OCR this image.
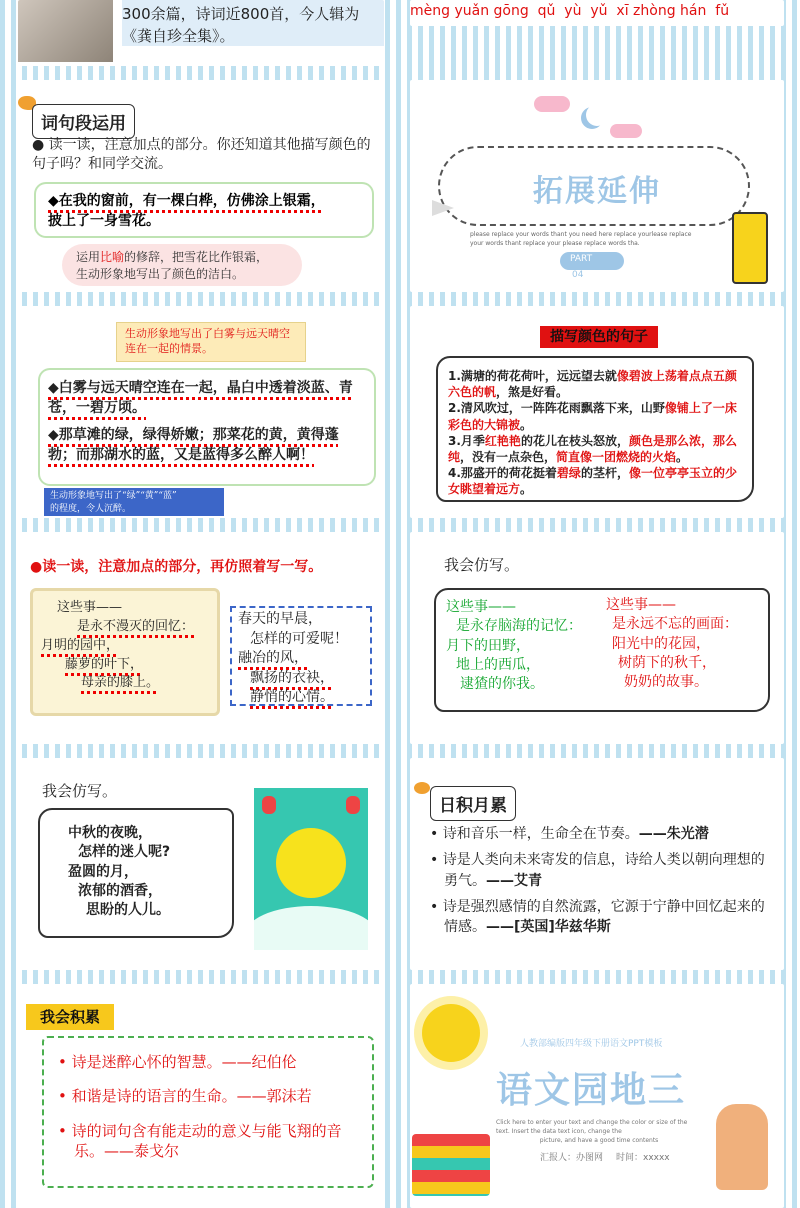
300余篇，诗词近800首，今人辑为
《龚自珍全集》。
mèng yuǎn gōng  qǔ  yù  yǔ  xī zhòng hán  fǔ
词句段运用
● 读一读，注意加点的部分。你还知道其他描写颜色的句子吗？和同学交流。
◆在我的窗前，有一棵白桦，仿佛涂上银霜，
披上了一身雪花。
运用比喻的修辞，把雪花比作银霜，
生动形象地写出了颜色的洁白。
拓展延伸
please replace your words thant you need here replace yourlease replace
your words thant replace your please replace words tha.
PART
04
生动形象地写出了白雾与远天晴空连在一起的情景。
◆白雾与远天晴空连在一起，晶白中透着淡蓝、青苍，一碧万顷。
◆那草滩的绿，绿得娇嫩；那菜花的黄，黄得蓬勃；而那湖水的蓝，又是蓝得多么醉人啊！
生动形象地写出了“绿”“黄”“蓝”
的程度，令人沉醉。
描写颜色的句子
1.满塘的荷花荷叶，远远望去就像碧波上荡着点点五颜六色的帆，煞是好看。
2.清风吹过，一阵阵花雨飘落下来，山野像铺上了一床彩色的大锦被。
3.月季红艳艳的花儿在枝头怒放，颜色是那么浓，那么纯，没有一点杂色，简直像一团燃烧的火焰。
4.那盛开的荷花挺着碧绿的茎杆，像一位亭亭玉立的少女眺望着远方。
●读一读，注意加点的部分，再仿照着写一写。
这些事——
是永不漫灭的回忆：
月明的园中，
藤萝的叶下，
母亲的膝上。
春天的早晨，
怎样的可爱呢！
融冶的风，
飘扬的衣袂，
静悄的心情。
我会仿写。
这些事——
是永存脑海的记忆：
月下的田野，
地上的西瓜，
逮猹的你我。
这些事——
是永远不忘的画面：
阳光中的花园，
树荫下的秋千，
奶奶的故事。
我会仿写。
中秋的夜晚，
怎样的迷人呢?
盈圆的月，
浓郁的酒香，
思盼的人儿。
日积月累
• 诗和音乐一样，生命全在节奏。——朱光潜
• 诗是人类向未来寄发的信息，诗给人类以朝向理想的勇气。——艾青
• 诗是强烈感情的自然流露，它源于宁静中回忆起来的情感。——[英国]华兹华斯
我会积累
• 诗是迷醉心怀的智慧。——纪伯伦
• 和谐是诗的语言的生命。——郭沫若
• 诗的词句含有能走动的意义与能飞翔的音乐。——泰戈尔
人教部编版四年级下册语文PPT模板
语文园地三
Click here to enter your text and change the color or size of the text. Insert the data text icon, change the
picture, and have a good time contents
汇报人：办图网 时间：xxxxx
